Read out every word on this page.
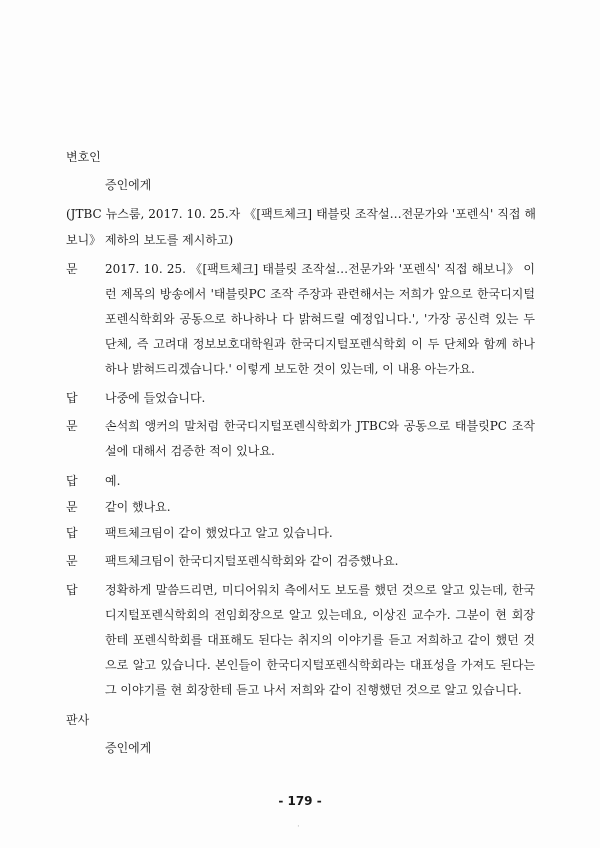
변호인
증인에게
(JTBC 뉴스룸, 2017. 10. 25.자 《[팩트체크] 태블릿 조작설…전문가와 '포렌식' 직접 해
보니》 제하의 보도를 제시하고)
문	2017. 10. 25. 《[팩트체크] 태블릿 조작설…전문가와 '포렌식' 직접 해보니》 이
런 제목의 방송에서 '태블릿PC 조작 주장과 관련해서는 저희가 앞으로 한국디지털
포렌식학회와 공동으로 하나하나 다 밝혀드릴 예정입니다.', '가장 공신력 있는 두
단체, 즉 고려대 정보보호대학원과 한국디지털포렌식학회 이 두 단체와 함께 하나
하나 밝혀드리겠습니다.' 이렇게 보도한 것이 있는데, 이 내용 아는가요.
답	나중에 들었습니다.
문	손석희 앵커의 말처럼 한국디지털포렌식학회가 JTBC와 공동으로 태블릿PC 조작
설에 대해서 검증한 적이 있나요.
답	예.
문	같이 했나요.
답	팩트체크팀이 같이 했었다고 알고 있습니다.
문	팩트체크팀이 한국디지털포렌식학회와 같이 검증했나요.
답	정확하게 말씀드리면, 미디어워치 측에서도 보도를 했던 것으로 알고 있는데, 한국
디지털포렌식학회의 전임회장으로 알고 있는데요, 이상진 교수가. 그분이 현 회장
한테 포렌식학회를 대표해도 된다는 취지의 이야기를 듣고 저희하고 같이 했던 것
으로 알고 있습니다. 본인들이 한국디지털포렌식학회라는 대표성을 가져도 된다는
그 이야기를 현 회장한테 듣고 나서 저희와 같이 진행했던 것으로 알고 있습니다.
판사
증인에게
- 179 -
·
